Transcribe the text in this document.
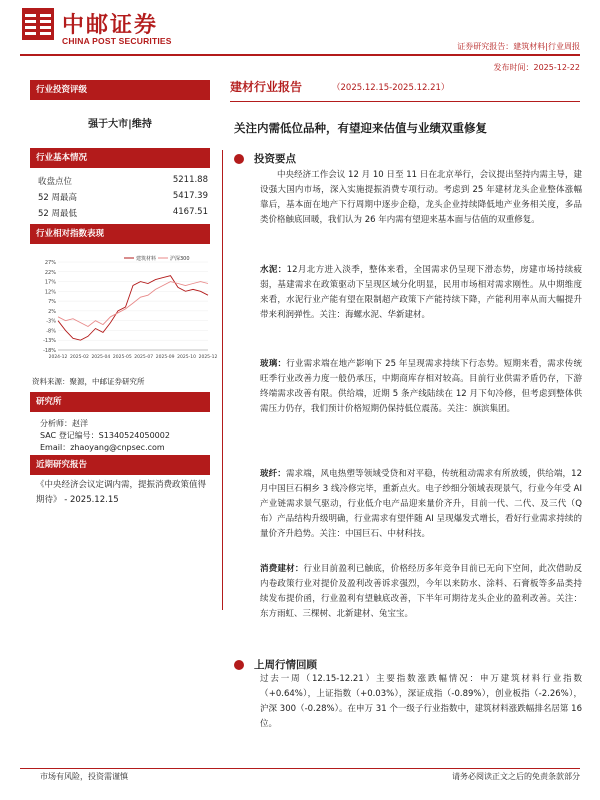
中邮证券
CHINA POST SECURITIES
证券研究报告：建筑材料|行业周报
发布时间：2025-12-22
行业投资评级
强于大市|维持
行业基本情况
收盘点位	5211.88
52 周最高	5417.39
52 周最低	4167.51
行业相对指数表现
27%
22%
17%
12%
7%
2%
-3%
-8%
-13%
-18%
2024-12 2025-02 2025-04 2025-05 2025-07 2025-09 2025-10 2025-12
建筑材料	沪深300
资料来源：聚源，中邮证券研究所
研究所
分析师：赵洋
SAC 登记编号：S1340524050002
Email：zhaoyang@cnpsec.com
近期研究报告
《中央经济会议定调内需，提振消费政策值得期待》 - 2025.12.15
建材行业报告	（2025.12.15-2025.12.21）
关注内需低位品种，有望迎来估值与业绩双重修复
投资要点
中央经济工作会议 12 月 10 日至 11 日在北京举行，会议提出坚持内需主导，建设强大国内市场，深入实施提振消费专项行动。考虑到 25 年建材龙头企业整体涨幅靠后，基本面在地产下行周期中逐步企稳，龙头企业持续降低地产业务相关度，多品类价格触底回暖，我们认为 26 年内需有望迎来基本面与估值的双重修复。
水泥：12月北方进入淡季，整体来看，全国需求仍呈现下滑态势，房建市场持续疲弱，基建需求在政策驱动下呈现区域分化明显，民用市场相对需求刚性。从中期维度来看，水泥行业产能有望在限制超产政策下产能持续下降，产能利用率从而大幅提升带来利润弹性。关注：海螺水泥、华新建材。
玻璃：行业需求端在地产影响下 25 年呈现需求持续下行态势。短期来看，需求传统旺季行业改善力度一般仍承压，中期商库存相对较高。目前行业供需矛盾仍存，下游终端需求改善有限。供给端，近期 5 条产线陆续在 12 月下旬冷修，但考虑到整体供需压力仍存，我们预计价格短期仍保持低位震荡。关注：旗滨集团。
玻纤：需求端，风电热塑等领域受贷和对平稳，传统租动需求有所放缓，供给端，12 月中国巨石桐乡 3 线冷修完毕，重新点火。电子纱细分领域表现景气，行业今年受 AI 产业链需求景气驱动，行业低介电产品迎来量价齐升，目前一代、二代、及三代（Q 布）产品结构升级明确，行业需求有望伴随 AI 呈现爆发式增长，看好行业需求持续的量价齐升趋势。关注：中国巨石、中材科技。
消费建材：行业目前盈利已触底，价格经历多年竞争目前已无向下空间，此次借助反内卷政策行业对提价及盈利改善诉求强烈，今年以来防水、涂料、石膏板等多品类持续发布提价函，行业盈利有望触底改善，下半年可期待龙头企业的盈利改善。关注：东方雨虹、三棵树、北新建材、兔宝宝。
上周行情回顾
过去一周（12.15-12.21）主要指数涨跌幅情况：申万建筑材料行业指数（+0.64%），上证指数（+0.03%），深证成指（-0.89%），创业板指（-2.26%），沪深 300（-0.28%）。在申万 31 个一级子行业指数中，建筑材料涨跌幅排名居第 16 位。
市场有风险，投资需谨慎	请务必阅读正文之后的免责条款部分
